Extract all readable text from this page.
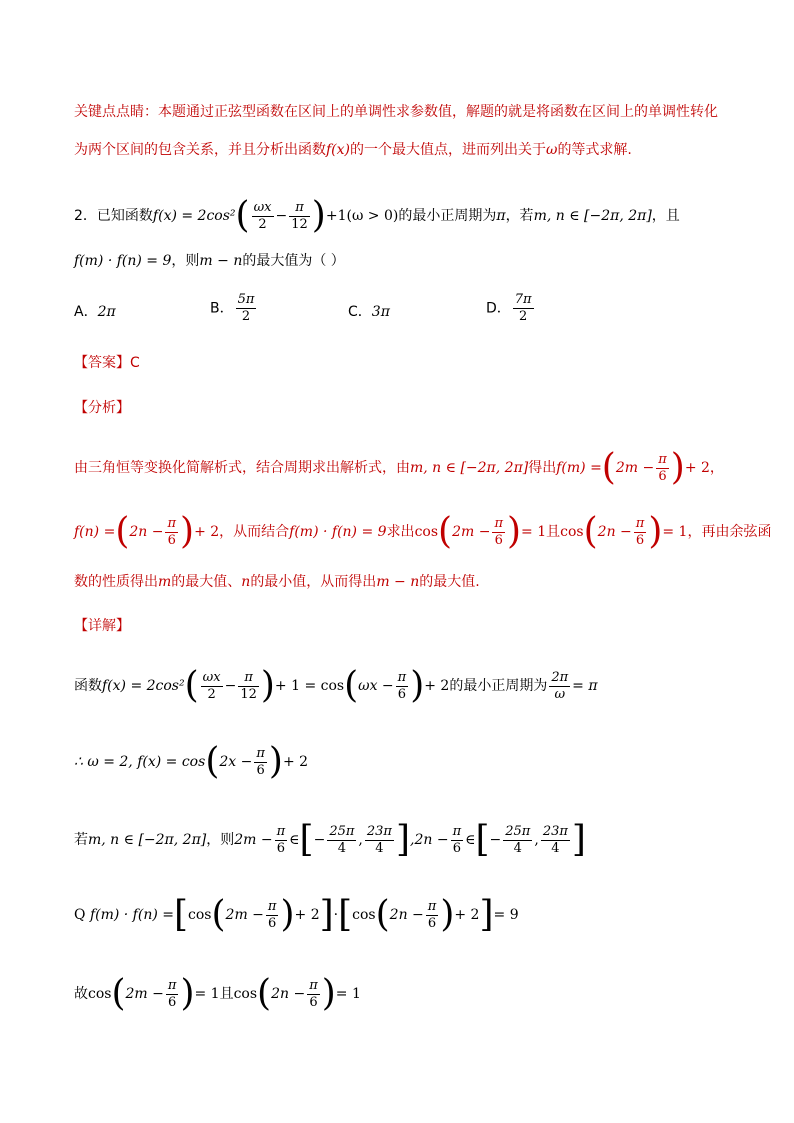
关键点点睛：本题通过正弦型函数在区间上的单调性求参数值，解题的就是将函数在区间上的单调性转化
为两个区间的包含关系，并且分析出函数f(x)的一个最大值点，进而列出关于ω的等式求解.
2．已知函数$f(x) = 2\cos^2( \frac{\omega x}{2} - \frac{\pi}{12} )+1(\omega > 0)$的最小正周期为π，若m, n ∈ [−2π, 2π]，且
f(m) · f(n) = 9，则m − n的最大值为（ ）
A．2π	B． $\frac{5\pi}{2}$	C．3π	D． $\frac{7\pi}{2}$
【答案】C
【分析】
由三角恒等变换化简解析式，结合周期求出解析式，由m, n ∈ [−2π, 2π]得出$f(m) =(2m - \frac{\pi}{6}$ )+ 2，
$f(n) =(2n - \frac{\pi}{6}$ )+ 2，从而结合f(m) · f(n) = 9求出$\cos(2m - \frac{\pi}{6}$ )= 1且$\cos(2n - \frac{\pi}{6}$ )= 1，再由余弦函
数的性质得出m的最大值、n的最小值，从而得出m − n的最大值.
【详解】
函数$f(x) = 2\cos^2( \frac{\omega x}{2} - \frac{\pi}{12}$ )+ $1 = \cos(\omega x - \frac{\pi}{6}$ )+ 2的最小正周期为 $\frac{2\pi}{\omega} = \pi$
∴ ω = 2, $f(x) = \cos(2x - \frac{\pi}{6}$ )+ 2
若m, n ∈ [−2π, 2π]，则$2m - \frac{\pi}{6}$ ∈[− $\frac{25\pi}{4}$ , $\frac{23\pi}{4} ],2n - \frac{\pi}{6}$ ∈[− $\frac{25\pi}{4}$ , $\frac{23\pi}{4}$ ]
Q $f(m) \cdot f(n) =[\cos(2m - \frac{\pi}{6}$ )+ $2]\cdot[\cos(2n - \frac{\pi}{6}$ )+ 2]= 9
故$\cos(2m - \frac{\pi}{6}$ )= 1且$\cos(2n - \frac{\pi}{6}$ )= 1
